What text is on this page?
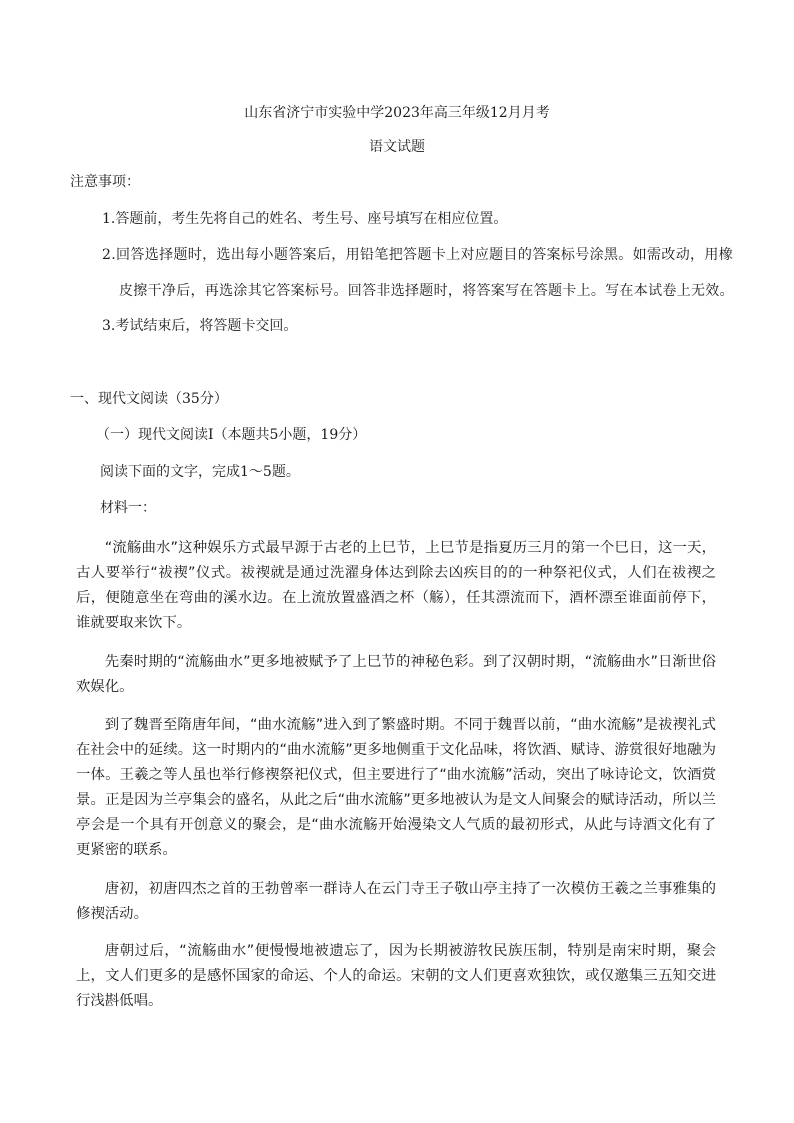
山东省济宁市实验中学2023年高三年级12月月考
语文试题
注意事项：
1.答题前，考生先将自己的姓名、考生号、座号填写在相应位置。
2.回答选择题时，选出每小题答案后，用铅笔把答题卡上对应题目的答案标号涂黑。如需改动，用橡
皮擦干净后，再选涂其它答案标号。回答非选择题时，将答案写在答题卡上。写在本试卷上无效。
3.考试结束后，将答题卡交回。
一、现代文阅读（35分）
（一）现代文阅读Ⅰ（本题共5小题，19分）
阅读下面的文字，完成1～5题。
材料一：
“流觞曲水”这种娱乐方式最早源于古老的上巳节，上巳节是指夏历三月的第一个巳日，这一天，古人要举行“祓禊”仪式。祓禊就是通过洗濯身体达到除去凶疾目的的一种祭祀仪式，人们在祓禊之后，便随意坐在弯曲的溪水边。在上流放置盛酒之杯（觞），任其漂流而下，酒杯漂至谁面前停下，谁就要取来饮下。
先秦时期的“流觞曲水”更多地被赋予了上巳节的神秘色彩。到了汉朝时期，“流觞曲水”日渐世俗欢娱化。
到了魏晋至隋唐年间，“曲水流觞”进入到了繁盛时期。不同于魏晋以前，“曲水流觞”是祓禊礼式在社会中的延续。这一时期内的“曲水流觞”更多地侧重于文化品味，将饮酒、赋诗、游赏很好地融为一体。王羲之等人虽也举行修禊祭祀仪式，但主要进行了“曲水流觞”活动，突出了咏诗论文，饮酒赏景。正是因为兰亭集会的盛名，从此之后“曲水流觞”更多地被认为是文人间聚会的赋诗活动，所以兰亭会是一个具有开创意义的聚会，是“曲水流觞开始漫染文人气质的最初形式，从此与诗酒文化有了更紧密的联系。
唐初，初唐四杰之首的王勃曾率一群诗人在云门寺王子敬山亭主持了一次模仿王羲之兰事雅集的修禊活动。
唐朝过后，“流觞曲水”便慢慢地被遗忘了，因为长期被游牧民族压制，特别是南宋时期，聚会上，文人们更多的是感怀国家的命运、个人的命运。宋朝的文人们更喜欢独饮，或仅邀集三五知交进行浅斟低唱。
